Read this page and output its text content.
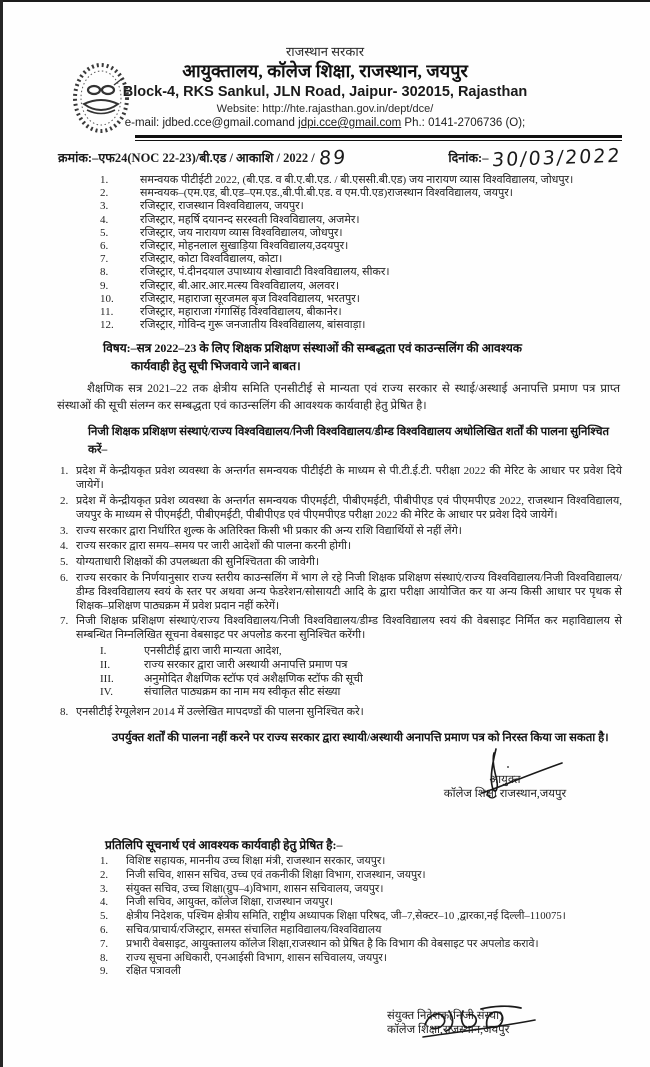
राजस्थान सरकार
आयुक्तालय, कॉलेज शिक्षा, राजस्थान, जयपुर
Block-4, RKS Sankul, JLN Road, Jaipur- 302015, Rajasthan
Website: http://hte.rajasthan.gov.in/dept/dce/
e-mail: jdbed.cce@gmail.comand jdpi.cce@gmail.com Ph.: 0141-2706736 (O);
क्रमांक:–एफ24(NOC 22-23)/बी.एड / आकाशि / 2022 / 89	दिनांक:– 30/03/2022
1.	समन्वयक पीटीईटी 2022, (बी.एड. व बी.ए.बी.एड. / बी.एससी.बी.एड) जय नारायण व्यास विश्वविद्यालय, जोधपुर।
2.	समन्वयक–(एम.एड, बी.एड–एम.एड.,बी.पी.बी.एड. व एम.पी.एड)राजस्थान विश्वविद्यालय, जयपुर।
3.	रजिस्ट्रार, राजस्थान विश्वविद्यालय, जयपुर।
4.	रजिस्ट्रार, महर्षि दयानन्द सरस्वती विश्वविद्यालय, अजमेर।
5.	रजिस्ट्रार, जय नारायण व्यास विश्वविद्यालय, जोधपुर।
6.	रजिस्ट्रार, मोहनलाल सुखाड़िया विश्वविद्यालय,उदयपुर।
7.	रजिस्ट्रार, कोटा विश्वविद्यालय, कोटा।
8.	रजिस्ट्रार, पं.दीनदयाल उपाध्याय शेखावाटी विश्वविद्यालय, सीकर।
9.	रजिस्ट्रार, बी.आर.आर.मत्स्य विश्वविद्यालय, अलवर।
10.	रजिस्ट्रार, महाराजा सूरजमल बृज विश्वविद्यालय, भरतपुर।
11.	रजिस्ट्रार, महाराजा गंगासिंह विश्वविद्यालय, बीकानेर।
12.	रजिस्ट्रार, गोविन्द गुरू जनजातीय विश्वविद्यालय, बांसवाड़ा।
विषय:–सत्र 2022–23 के लिए शिक्षक प्रशिक्षण संस्थाओं की सम्बद्धता एवं काउन्सलिंग की आवश्यक कार्यवाही हेतु सूची भिजवाये जाने बाबत।
शैक्षणिक सत्र 2021–22 तक क्षेत्रीय समिति एनसीटीई से मान्यता एवं राज्य सरकार से स्थाई/अस्थाई अनापत्ति प्रमाण पत्र प्राप्त संस्थाओं की सूची संलग्न कर सम्बद्धता एवं काउन्सलिंग की आवश्यक कार्यवाही हेतु प्रेषित है।
निजी शिक्षक प्रशिक्षण संस्थाएं/राज्य विश्वविद्यालय/निजी विश्वविद्यालय/डीम्ड विश्वविद्यालय अधोलिखित शर्तों की पालना सुनिश्चित करें–
1. प्रदेश में केन्द्रीयकृत प्रवेश व्यवस्था के अन्तर्गत समन्वयक पीटीईटी के माध्यम से पी.टी.ई.टी. परीक्षा 2022 की मेरिट के आधार पर प्रवेश दिये जायेगें।
2. प्रदेश में केन्द्रीयकृत प्रवेश व्यवस्था के अन्तर्गत समन्वयक पीएमईटी, पीबीएमईटी, पीबीपीएड एवं पीएमपीएड 2022, राजस्थान विश्वविद्यालय, जयपुर के माध्यम से पीएमईटी, पीबीएमईटी, पीबीपीएड एवं पीएमपीएड परीक्षा 2022 की मेरिट के आधार पर प्रवेश दिये जायेगें।
3. राज्य सरकार द्वारा निर्धारित शुल्क के अतिरिक्त किसी भी प्रकार की अन्य राशि विद्यार्थियों से नहीं लेंगे।
4. राज्य सरकार द्वारा समय–समय पर जारी आदेशों की पालना करनी होगी।
5. योग्यताधारी शिक्षकों की उपलब्धता की सुनिश्चितता की जावेगी।
6. राज्य सरकार के निर्णयानुसार राज्य स्तरीय काउन्सलिंग में भाग ले रहे निजी शिक्षक प्रशिक्षण संस्थाएं/राज्य विश्वविद्यालय/निजी विश्वविद्यालय/डीम्ड विश्वविद्यालय स्वयं के स्तर पर अथवा अन्य फेडरेशन/सोसायटी आदि के द्वारा परीक्षा आयोजित कर या अन्य किसी आधार पर पृथक से शिक्षक–प्रशिक्षण पाठ्यक्रम में प्रवेश प्रदान नहीं करेगें।
7. निजी शिक्षक प्रशिक्षण संस्थाएं/राज्य विश्वविद्यालय/निजी विश्वविद्यालय/डीम्ड विश्वविद्यालय स्वयं की वेबसाइट निर्मित कर महाविद्यालय से सम्बन्धित निम्नलिखित सूचना वेबसाइट पर अपलोड करना सुनिश्चित करेंगी।
I.	एनसीटीई द्वारा जारी मान्यता आदेश,
II.	राज्य सरकार द्वारा जारी अस्थायी अनापत्ति प्रमाण पत्र
III.	अनुमोदित शैक्षणिक स्टॉफ एवं अशैक्षणिक स्टॉफ की सूची
IV.	संचालित पाठ्यक्रम का नाम मय स्वीकृत सीट संख्या
8. एनसीटीई रेग्यूलेशन 2014 में उल्लेखित मापदण्डों की पालना सुनिश्चित करे।
उपर्युक्त शर्तों की पालना नहीं करने पर राज्य सरकार द्वारा स्थायी/अस्थायी अनापत्ति प्रमाण पत्र को निरस्त किया जा सकता है।
आयुक्त
कॉलेज शिक्षा राजस्थान,जयपुर
प्रतिलिपि सूचनार्थ एवं आवश्यक कार्यवाही हेतु प्रेषित है:–
1.	विशिष्ट सहायक, माननीय उच्च शिक्षा मंत्री, राजस्थान सरकार, जयपुर।
2.	निजी सचिव, शासन सचिव, उच्च एवं तकनीकी शिक्षा विभाग, राजस्थान, जयपुर।
3.	संयुक्त सचिव, उच्च शिक्षा(ग्रुप–4)विभाग, शासन सचिवालय, जयपुर।
4.	निजी सचिव, आयुक्त, कॉलेज शिक्षा, राजस्थान जयपुर।
5.	क्षेत्रीय निदेशक, पश्चिम क्षेत्रीय समिति, राष्ट्रीय अध्यापक शिक्षा परिषद, जी–7,सेक्टर–10 ,द्वारका,नई दिल्ली–110075।
6.	सचिव/प्राचार्य/रजिस्ट्रार, समस्त संचालित महाविद्यालय/विश्वविद्यालय
7.	प्रभारी वेबसाइट, आयुक्तालय कॉलेज शिक्षा,राजस्थान को प्रेषित है कि विभाग की वेबसाइट पर अपलोड करावे।
8.	राज्य सूचना अधिकारी, एनआईसी विभाग, शासन सचिवालय, जयपुर।
9.	रक्षित पत्रावली
संयुक्त निदेशक(निजी संस्था)
कॉलेज शिक्षा,राजस्थान,जयपुर
